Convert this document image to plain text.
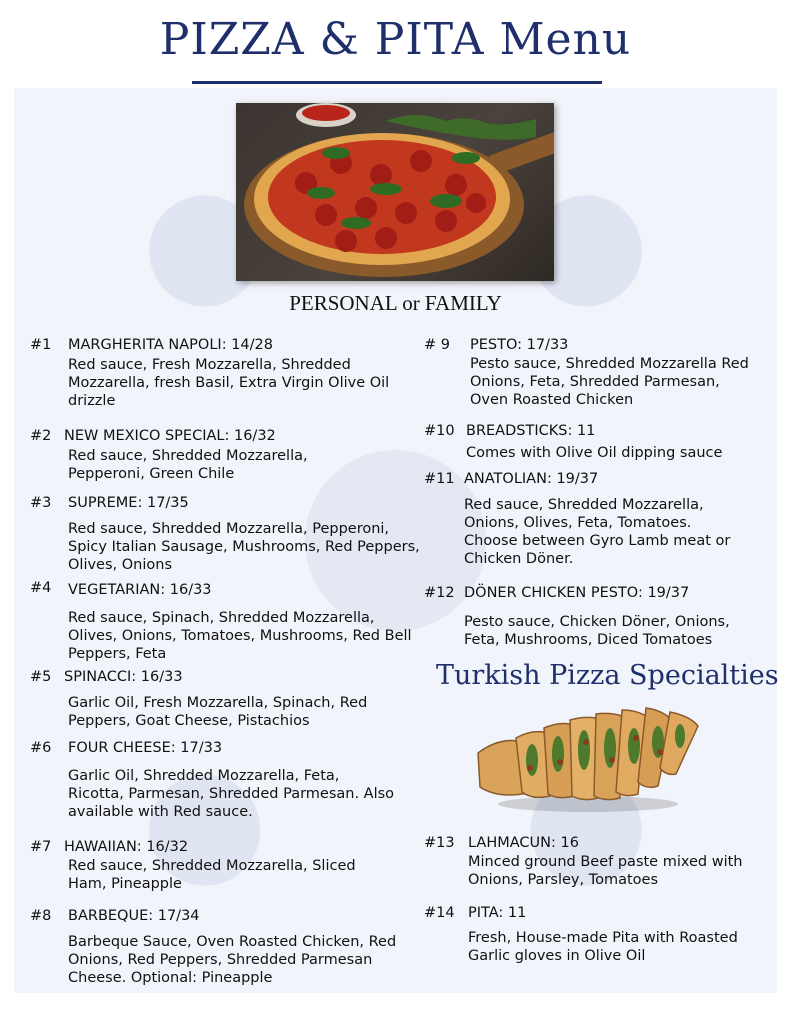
PIZZA & PITA Menu
PERSONAL or FAMILY
#1 MARGHERITA NAPOLI: 14/28
Red sauce, Fresh Mozzarella, Shredded Mozzarella, fresh Basil, Extra Virgin Olive Oil drizzle
#2 NEW MEXICO SPECIAL: 16/32
Red sauce, Shredded Mozzarella, Pepperoni, Green Chile
#3 SUPREME: 17/35
Red sauce, Shredded Mozzarella, Pepperoni, Spicy Italian Sausage, Mushrooms, Red Peppers, Olives, Onions
#4 VEGETARIAN: 16/33
Red sauce, Spinach, Shredded Mozzarella, Olives, Onions, Tomatoes, Mushrooms, Red Bell Peppers, Feta
#5 SPINACCI: 16/33
Garlic Oil, Fresh Mozzarella, Spinach, Red Peppers, Goat Cheese, Pistachios
#6 FOUR CHEESE: 17/33
Garlic Oil, Shredded Mozzarella, Feta, Ricotta, Parmesan, Shredded Parmesan. Also available with Red sauce.
#7 HAWAIIAN: 16/32
Red sauce, Shredded Mozzarella, Sliced Ham, Pineapple
#8 BARBEQUE: 17/34
Barbeque Sauce, Oven Roasted Chicken, Red Onions, Red Peppers, Shredded Parmesan Cheese. Optional: Pineapple
# 9 PESTO: 17/33
Pesto sauce, Shredded Mozzarella Red Onions, Feta, Shredded Parmesan, Oven Roasted Chicken
#10 BREADSTICKS: 11
Comes with Olive Oil dipping sauce
#11 ANATOLIAN: 19/37
Red sauce, Shredded Mozzarella, Onions, Olives, Feta, Tomatoes. Choose between Gyro Lamb meat or Chicken Döner.
#12 DÖNER CHICKEN PESTO: 19/37
Pesto sauce, Chicken Döner, Onions, Feta, Mushrooms, Diced Tomatoes
Turkish Pizza Specialties
#13 LAHMACUN: 16
Minced ground Beef paste mixed with Onions, Parsley, Tomatoes
#14 PITA: 11
Fresh, House-made Pita with Roasted Garlic gloves in Olive Oil
